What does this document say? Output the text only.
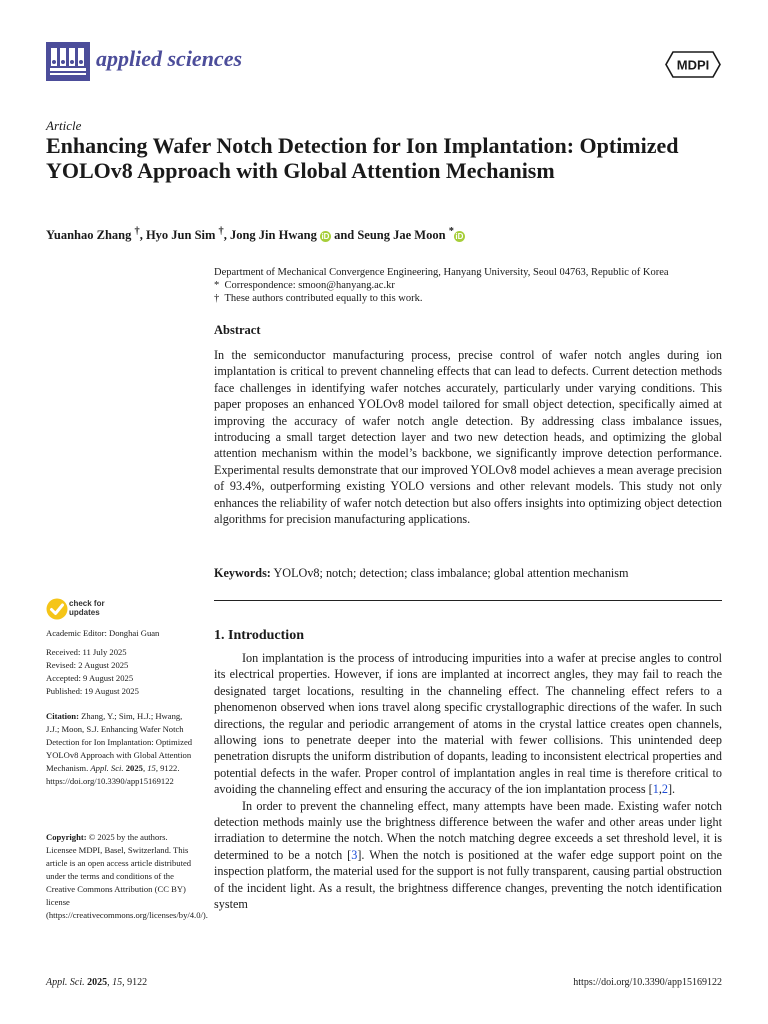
applied sciences	MDPI
Article
Enhancing Wafer Notch Detection for Ion Implantation: Optimized YOLOv8 Approach with Global Attention Mechanism
Yuanhao Zhang †, Hyo Jun Sim †, Jong Jin Hwang iD and Seung Jae Moon * iD
Department of Mechanical Convergence Engineering, Hanyang University, Seoul 04763, Republic of Korea
* Correspondence: smoon@hanyang.ac.kr
† These authors contributed equally to this work.
Abstract
In the semiconductor manufacturing process, precise control of wafer notch angles during ion implantation is critical to prevent channeling effects that can lead to defects. Current detection methods face challenges in identifying wafer notches accurately, particularly under varying conditions. This paper proposes an enhanced YOLOv8 model tailored for small object detection, specifically aimed at improving the accuracy of wafer notch angle detection. By addressing class imbalance issues, introducing a small target detection layer and two new detection heads, and optimizing the global attention mechanism within the model’s backbone, we significantly improve detection performance. Experimental results demonstrate that our improved YOLOv8 model achieves a mean average precision of 93.4%, outperforming existing YOLO versions and other relevant models. This study not only enhances the reliability of wafer notch detection but also offers insights into optimizing object detection algorithms for precision manufacturing applications.
Keywords: YOLOv8; notch; detection; class imbalance; global attention mechanism
check for
updates
Academic Editor: Donghai Guan
Received: 11 July 2025
Revised: 2 August 2025
Accepted: 9 August 2025
Published: 19 August 2025
Citation: Zhang, Y.; Sim, H.J.; Hwang, J.J.; Moon, S.J. Enhancing Wafer Notch Detection for Ion Implantation: Optimized YOLOv8 Approach with Global Attention Mechanism. Appl. Sci. 2025, 15, 9122.
https://doi.org/10.3390/app15169122
Copyright: © 2025 by the authors. Licensee MDPI, Basel, Switzerland. This article is an open access article distributed under the terms and conditions of the Creative Commons Attribution (CC BY) license (https://creativecommons.org/licenses/by/4.0/).
1. Introduction

Ion implantation is the process of introducing impurities into a wafer at precise angles to control its electrical properties. However, if ions are implanted at incorrect angles, they may fail to reach the designated target locations, resulting in the channeling effect. The channeling effect refers to a phenomenon observed when ions travel along specific crystallographic directions of the wafer. In such directions, the regular and periodic arrangement of atoms in the crystal lattice creates open channels, allowing ions to penetrate deeper into the material with fewer collisions. This unintended deep penetration disrupts the uniform distribution of dopants, leading to inconsistent electrical properties and potential defects in the wafer. Proper control of implantation angles in real time is therefore critical to avoiding the channeling effect and ensuring the accuracy of the ion implantation process [1,2].

In order to prevent the channeling effect, many attempts have been made. Existing wafer notch detection methods mainly use the brightness difference between the wafer and other areas under light irradiation to determine the notch. When the notch matching degree exceeds a set threshold level, it is determined to be a notch [3]. When the notch is positioned at the wafer edge support point on the inspection platform, the material used for the support is not fully transparent, causing partial obstruction of the incident light. As a result, the brightness difference changes, preventing the notch identification system

Appl. Sci. 2025, 15, 9122	https://doi.org/10.3390/app15169122
